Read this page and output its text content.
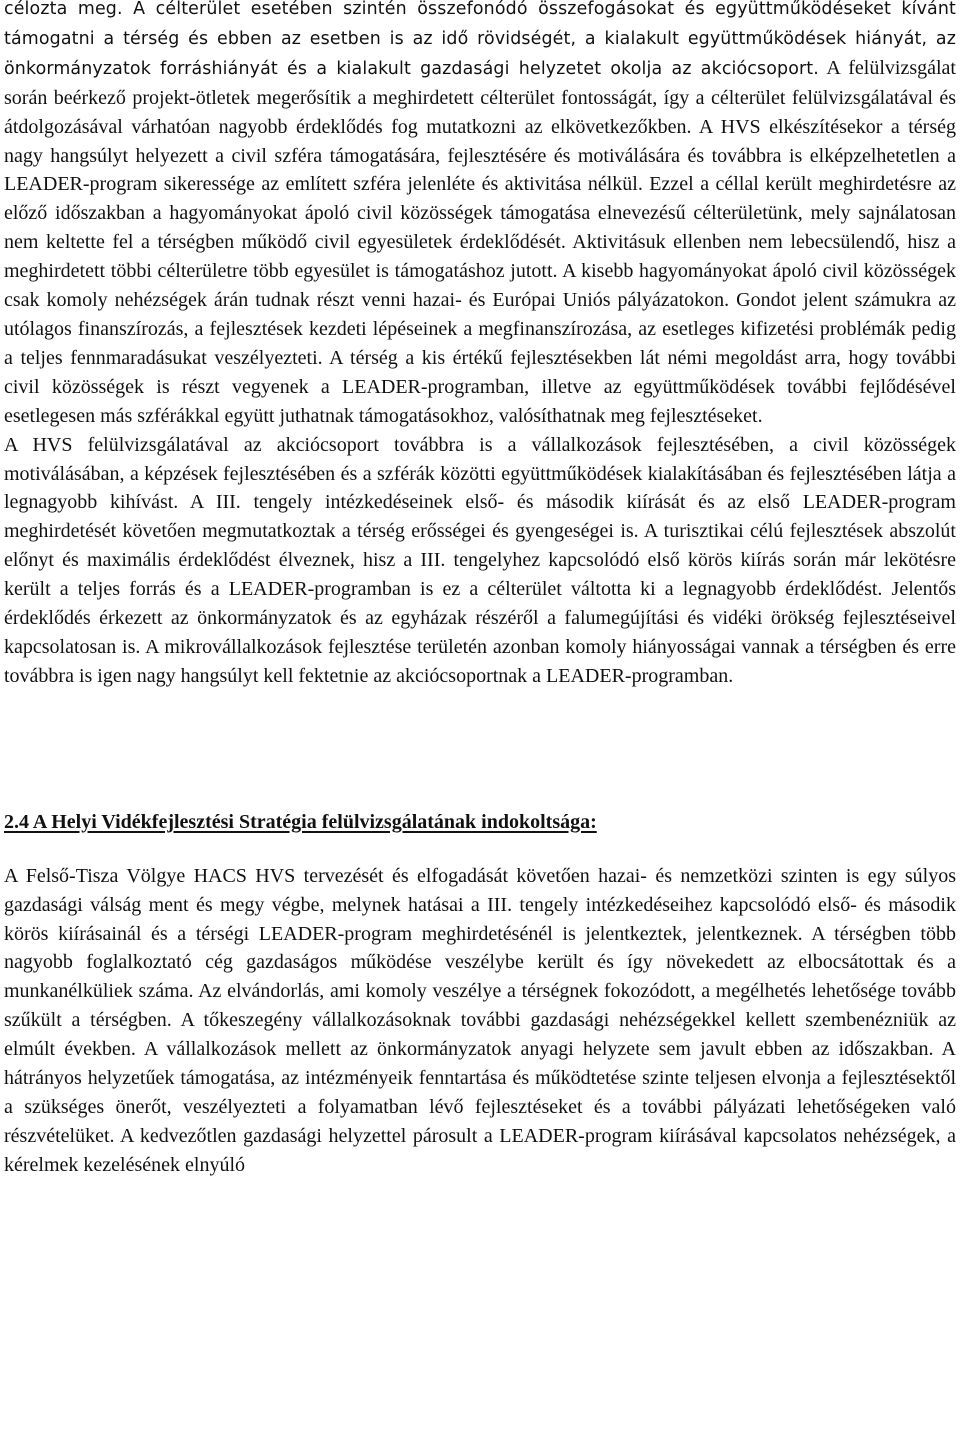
célozta meg. A célterület esetében szintén összefonódó összefogásokat és együttműködéseket kívánt támogatni a térség és ebben az esetben is az idő rövidségét, a kialakult együttműködések hiányát, az önkormányzatok forráshiányát és a kialakult gazdasági helyzetet okolja az akciócsoport. A felülvizsgálat során beérkező projekt-ötletek megerősítik a meghirdetett célterület fontosságát, így a célterület felülvizsgálatával és átdolgozásával várhatóan nagyobb érdeklődés fog mutatkozni az elkövetkezőkben. A HVS elkészítésekor a térség nagy hangsúlyt helyezett a civil szféra támogatására, fejlesztésére és motiválására és továbbra is elképzelhetetlen a LEADER-program sikeressége az említett szféra jelenléte és aktivitása nélkül. Ezzel a céllal került meghirdetésre az előző időszakban a hagyományokat ápoló civil közösségek támogatása elnevezésű célterületünk, mely sajnálatosan nem keltette fel a térségben működő civil egyesületek érdeklődését. Aktivitásuk ellenben nem lebecsülendő, hisz a meghirdetett többi célterületre több egyesület is támogatáshoz jutott. A kisebb hagyományokat ápoló civil közösségek csak komoly nehézségek árán tudnak részt venni hazai- és Európai Uniós pályázatokon. Gondot jelent számukra az utólagos finanszírozás, a fejlesztések kezdeti lépéseinek a megfinanszírozása, az esetleges kifizetési problémák pedig a teljes fennmaradásukat veszélyezteti. A térség a kis értékű fejlesztésekben lát némi megoldást arra, hogy további civil közösségek is részt vegyenek a LEADER-programban, illetve az együttműködések további fejlődésével esetlegesen más szférákkal együtt juthatnak támogatásokhoz, valósíthatnak meg fejlesztéseket.

A HVS felülvizsgálatával az akciócsoport továbbra is a vállalkozások fejlesztésében, a civil közösségek motiválásában, a képzések fejlesztésében és a szférák közötti együttműködések kialakításában és fejlesztésében látja a legnagyobb kihívást. A III. tengely intézkedéseinek első- és második kiírását és az első LEADER-program meghirdetését követően megmutatkoztak a térség erősségei és gyengeségei is. A turisztikai célú fejlesztések abszolút előnyt és maximális érdeklődést élveznek, hisz a III. tengelyhez kapcsolódó első körös kiírás során már lekötésre került a teljes forrás és a LEADER-programban is ez a célterület váltotta ki a legnagyobb érdeklődést. Jelentős érdeklődés érkezett az önkormányzatok és az egyházak részéről a falumegújítási és vidéki örökség fejlesztéseivel kapcsolatosan is. A mikrovállalkozások fejlesztése területén azonban komoly hiányosságai vannak a térségben és erre továbbra is igen nagy hangsúlyt kell fektetnie az akciócsoportnak a LEADER-programban.

2.4 A Helyi Vidékfejlesztési Stratégia felülvizsgálatának indokoltsága:

A Felső-Tisza Völgye HACS HVS tervezését és elfogadását követően hazai- és nemzetközi szinten is egy súlyos gazdasági válság ment és megy végbe, melynek hatásai a III. tengely intézkedéseihez kapcsolódó első- és második körös kiírásainál és a térségi LEADER-program meghirdetésénél is jelentkeztek, jelentkeznek. A térségben több nagyobb foglalkoztató cég gazdaságos működése veszélybe került és így növekedett az elbocsátottak és a munkanélküliek száma. Az elvándorlás, ami komoly veszélye a térségnek fokozódott, a megélhetés lehetősége tovább szűkült a térségben. A tőkeszegény vállalkozásoknak további gazdasági nehézségekkel kellett szembenézniük az elmúlt években. A vállalkozások mellett az önkormányzatok anyagi helyzete sem javult ebben az időszakban. A hátrányos helyzetűek támogatása, az intézményeik fenntartása és működtetése szinte teljesen elvonja a fejlesztésektől a szükséges önerőt, veszélyezteti a folyamatban lévő fejlesztéseket és a további pályázati lehetőségeken való részvételüket. A kedvezőtlen gazdasági helyzettel párosult a LEADER-program kiírásával kapcsolatos nehézségek, a kérelmek kezelésének elnyúló
